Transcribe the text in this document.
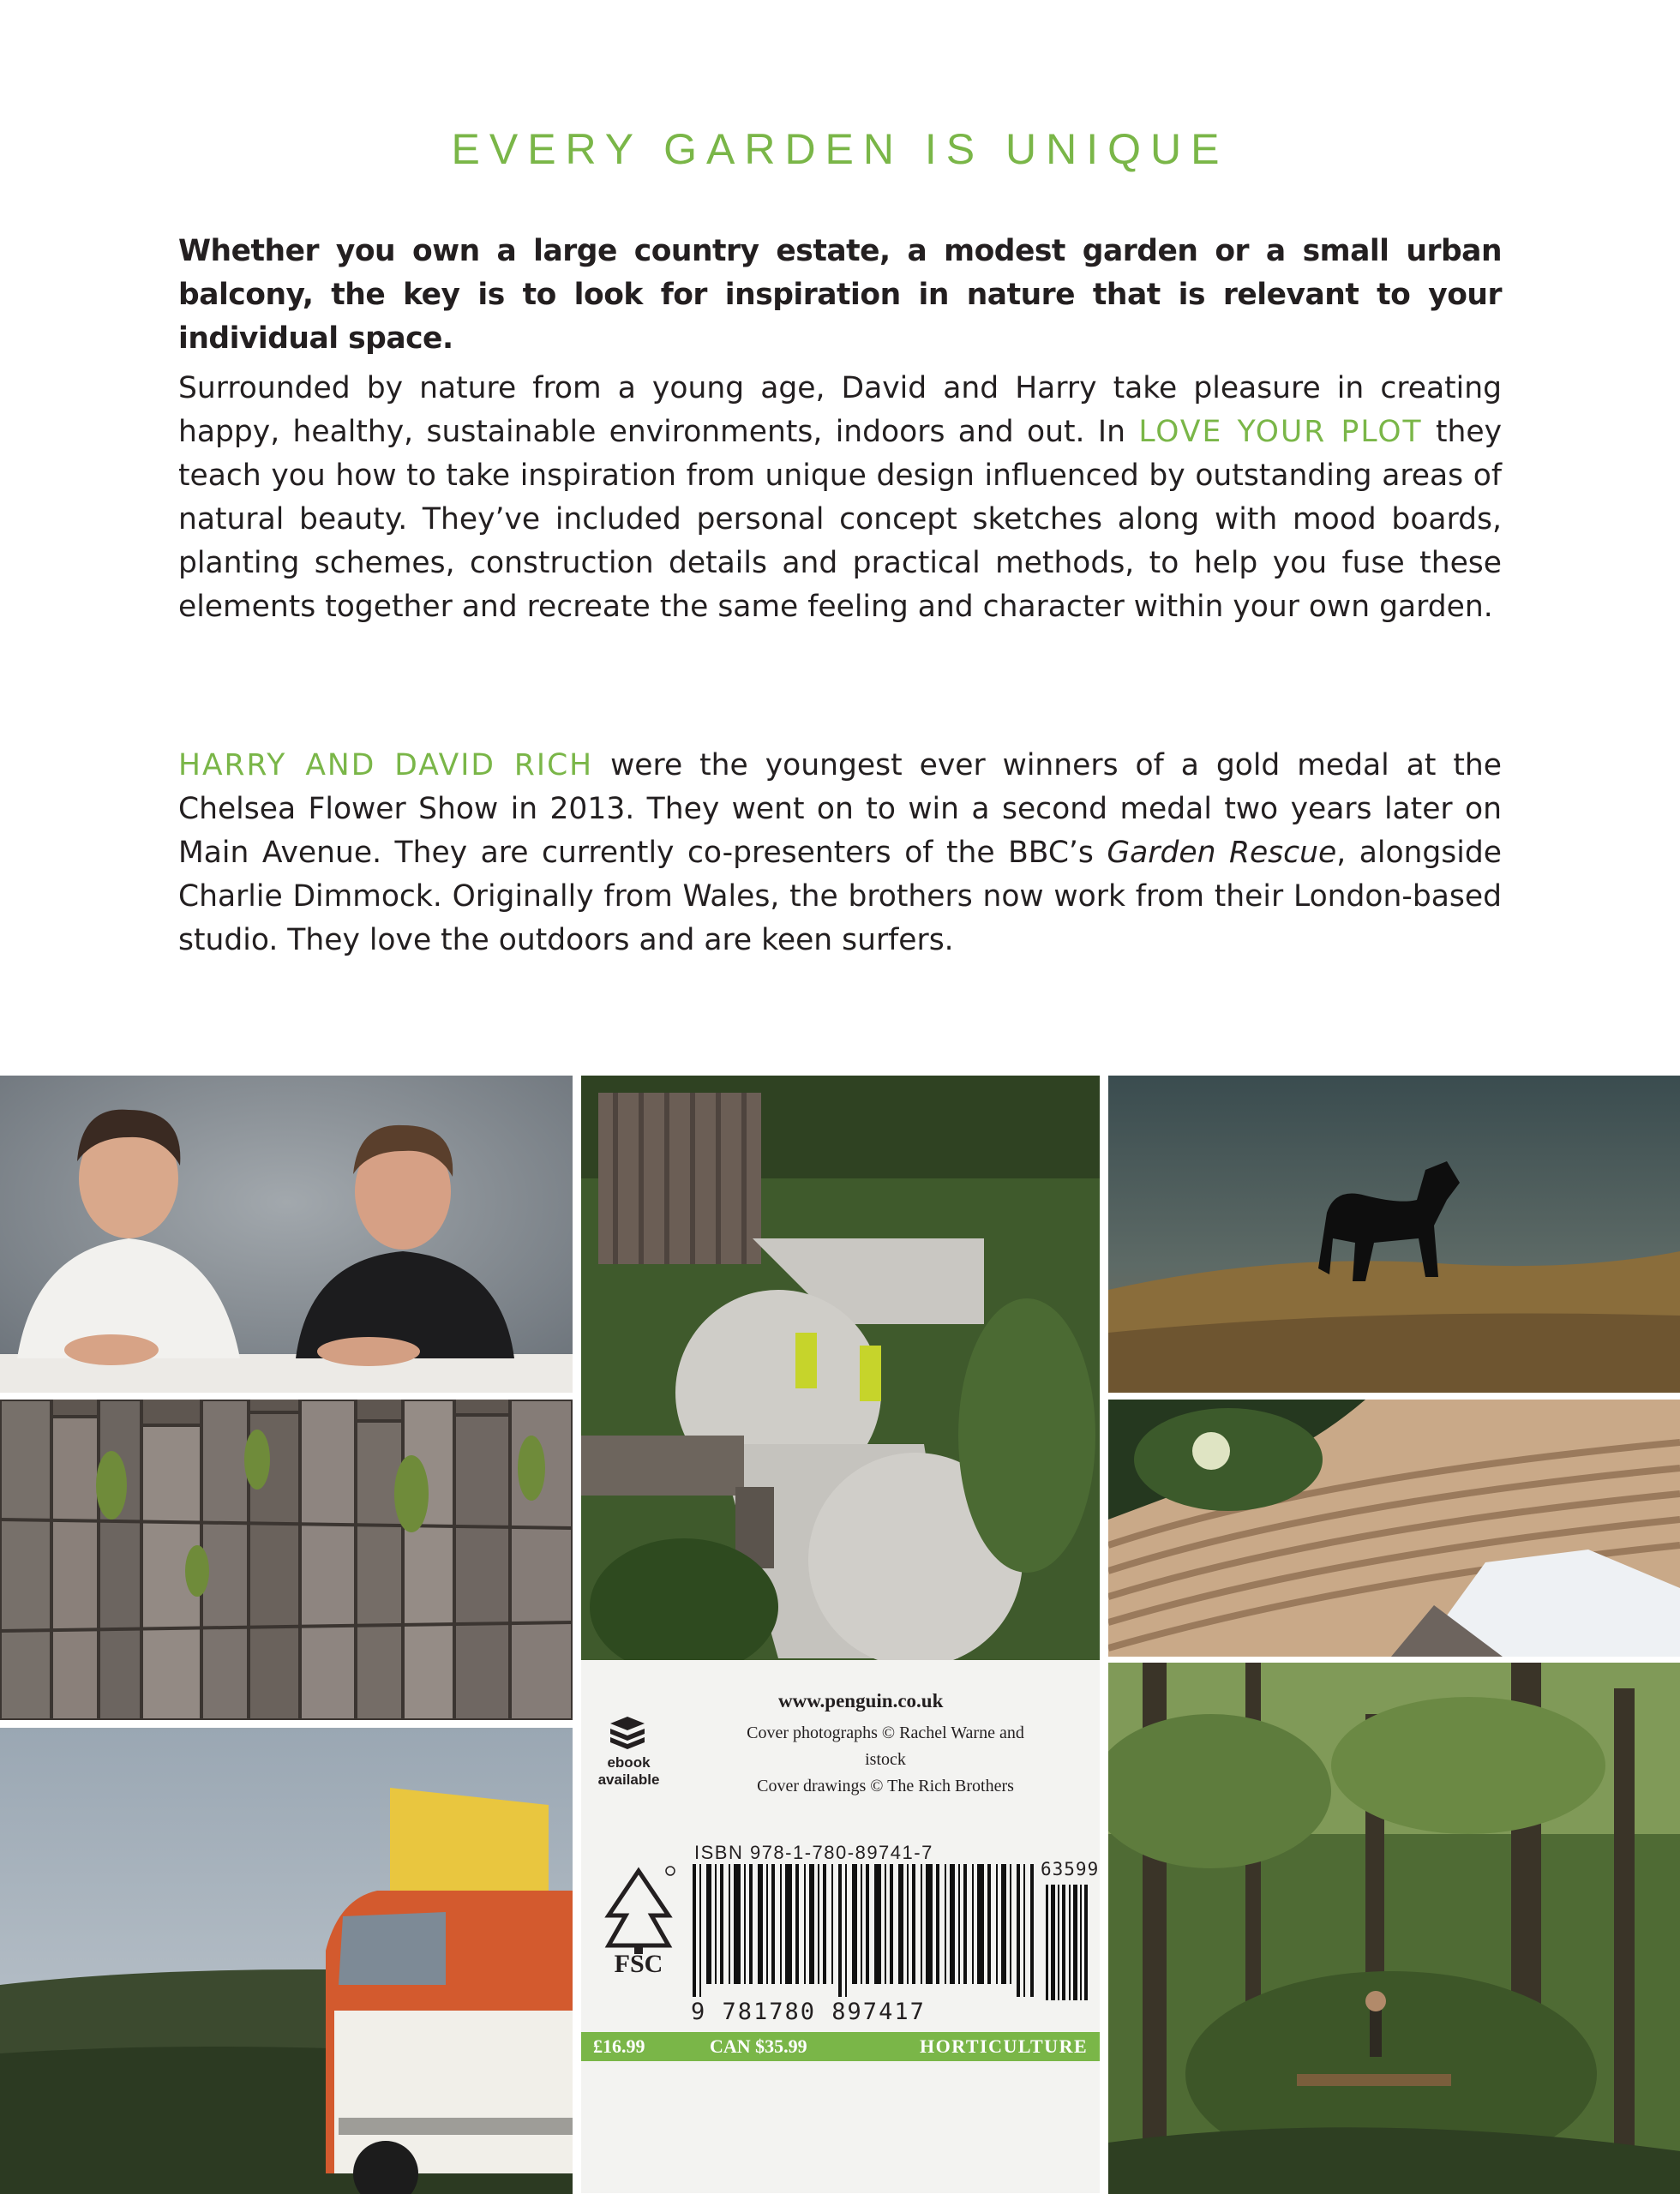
EVERY GARDEN IS UNIQUE

Whether you own a large country estate, a modest garden or a small urban balcony, the key is to look for inspiration in nature that is relevant to your individual space.

Surrounded by nature from a young age, David and Harry take pleasure in creating happy, healthy, sustainable environments, indoors and out. In LOVE YOUR PLOT they teach you how to take inspiration from unique design influenced by outstanding areas of natural beauty. They’ve included personal concept sketches along with mood boards, planting schemes, construction details and practical methods, to help you fuse these elements together and recreate the same feeling and character within your own garden.

HARRY AND DAVID RICH were the youngest ever winners of a gold medal at the Chelsea Flower Show in 2013. They went on to win a second medal two years later on Main Avenue. They are currently co-presenters of the BBC’s Garden Rescue, alongside Charlie Dimmock. Originally from Wales, the brothers now work from their London-based studio. They love the outdoors and are keen surfers.

www.penguin.co.uk
Cover photographs © Rachel Warne and istock
Cover drawings © The Rich Brothers
ebook
available
ISBN 978-1-780-89741-7
FSC
9 781780 897417
63599
£16.99	CAN $35.99	HORTICULTURE
